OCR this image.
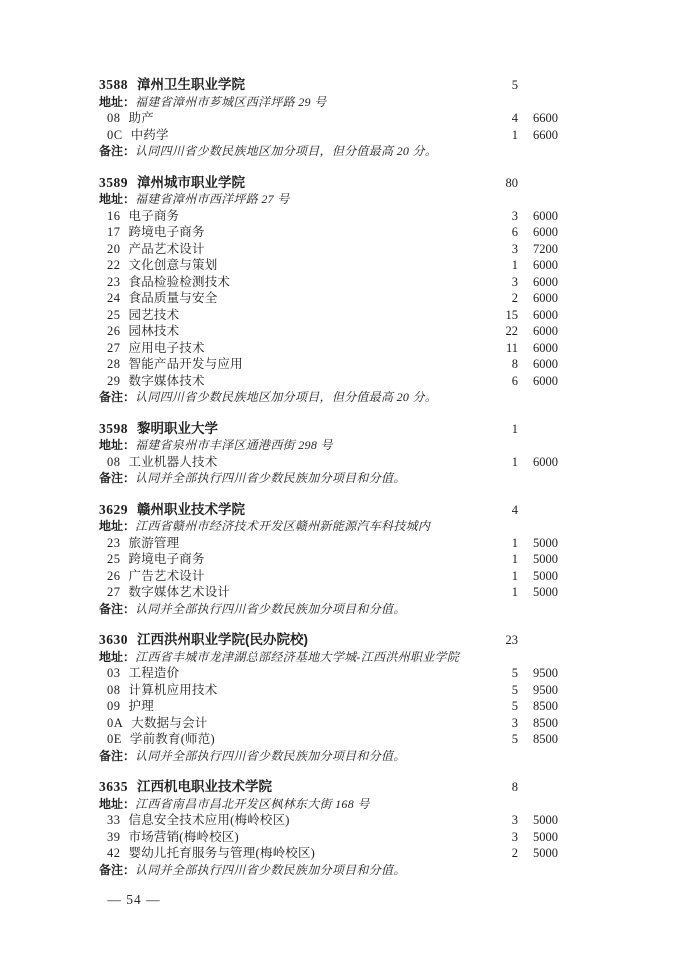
3588 漳州卫生职业学院	5
地址：福建省漳州市芗城区西洋坪路 29 号
08 助产	4	6600
0C 中药学	1	6600
备注：认同四川省少数民族地区加分项目，但分值最高 20 分。
3589 漳州城市职业学院	80
地址：福建省漳州市西洋坪路 27 号
16 电子商务	3	6000
17 跨境电子商务	6	6000
20 产品艺术设计	3	7200
22 文化创意与策划	1	6000
23 食品检验检测技术	3	6000
24 食品质量与安全	2	6000
25 园艺技术	15	6000
26 园林技术	22	6000
27 应用电子技术	11	6000
28 智能产品开发与应用	8	6000
29 数字媒体技术	6	6000
备注：认同四川省少数民族地区加分项目，但分值最高 20 分。
3598 黎明职业大学	1
地址：福建省泉州市丰泽区通港西街 298 号
08 工业机器人技术	1	6000
备注：认同并全部执行四川省少数民族加分项目和分值。
3629 赣州职业技术学院	4
地址：江西省赣州市经济技术开发区赣州新能源汽车科技城内
23 旅游管理	1	5000
25 跨境电子商务	1	5000
26 广告艺术设计	1	5000
27 数字媒体艺术设计	1	5000
备注：认同并全部执行四川省少数民族加分项目和分值。
3630 江西洪州职业学院(民办院校)	23
地址：江西省丰城市龙津湖总部经济基地大学城-江西洪州职业学院
03 工程造价	5	9500
08 计算机应用技术	5	9500
09 护理	5	8500
0A 大数据与会计	3	8500
0E 学前教育(师范)	5	8500
备注：认同并全部执行四川省少数民族加分项目和分值。
3635 江西机电职业技术学院	8
地址：江西省南昌市昌北开发区枫林东大街 168 号
33 信息安全技术应用(梅岭校区)	3	5000
39 市场营销(梅岭校区)	3	5000
42 婴幼儿托育服务与管理(梅岭校区)	2	5000
备注：认同并全部执行四川省少数民族加分项目和分值。
— 54 —
